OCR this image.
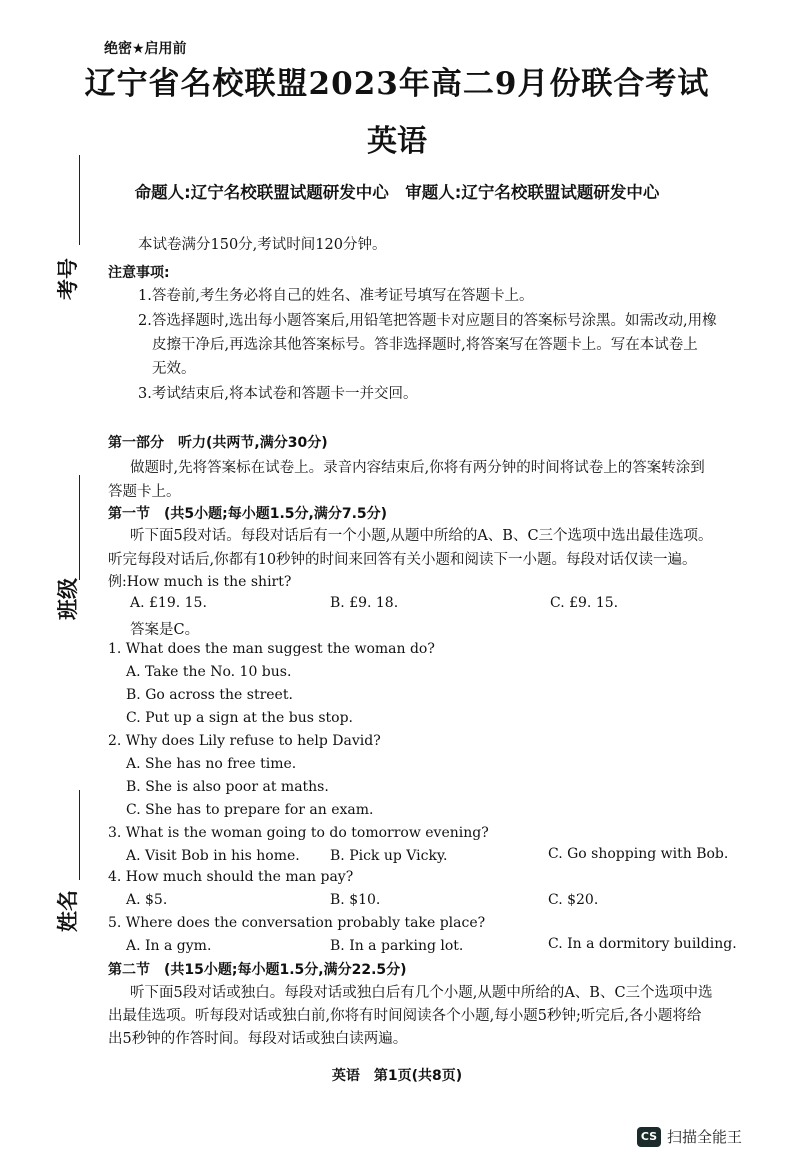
绝密★启用前
辽宁省名校联盟2023年高二9月份联合考试
英语
命题人:辽宁名校联盟试题研发中心　审题人:辽宁名校联盟试题研发中心
考号
班级
姓名
本试卷满分150分,考试时间120分钟。
注意事项:
1.答卷前,考生务必将自己的姓名、准考证号填写在答题卡上。
2.答选择题时,选出每小题答案后,用铅笔把答题卡对应题目的答案标号涂黑。如需改动,用橡
皮擦干净后,再选涂其他答案标号。答非选择题时,将答案写在答题卡上。写在本试卷上
无效。
3.考试结束后,将本试卷和答题卡一并交回。
第一部分　听力(共两节,满分30分)
做题时,先将答案标在试卷上。录音内容结束后,你将有两分钟的时间将试卷上的答案转涂到
答题卡上。
第一节　(共5小题;每小题1.5分,满分7.5分)
听下面5段对话。每段对话后有一个小题,从题中所给的A、B、C三个选项中选出最佳选项。
听完每段对话后,你都有10秒钟的时间来回答有关小题和阅读下一小题。每段对话仅读一遍。
例:How much is the shirt?
A. £19. 15.	B. £9. 18.	C. £9. 15.
答案是C。
1. What does the man suggest the woman do?
A. Take the No. 10 bus.
B. Go across the street.
C. Put up a sign at the bus stop.
2. Why does Lily refuse to help David?
A. She has no free time.
B. She is also poor at maths.
C. She has to prepare for an exam.
3. What is the woman going to do tomorrow evening?
A. Visit Bob in his home. B. Pick up Vicky.	C. Go shopping with Bob.
4. How much should the man pay?
A. $5.	B. $10.	C. $20.
5. Where does the conversation probably take place?
A. In a gym.	B. In a parking lot.	C. In a dormitory building.
第二节　(共15小题;每小题1.5分,满分22.5分)
听下面5段对话或独白。每段对话或独白后有几个小题,从题中所给的A、B、C三个选项中选
出最佳选项。听每段对话或独白前,你将有时间阅读各个小题,每小题5秒钟;听完后,各小题将给
出5秒钟的作答时间。每段对话或独白读两遍。
英语　第1页(共8页)
CS 扫描全能王
